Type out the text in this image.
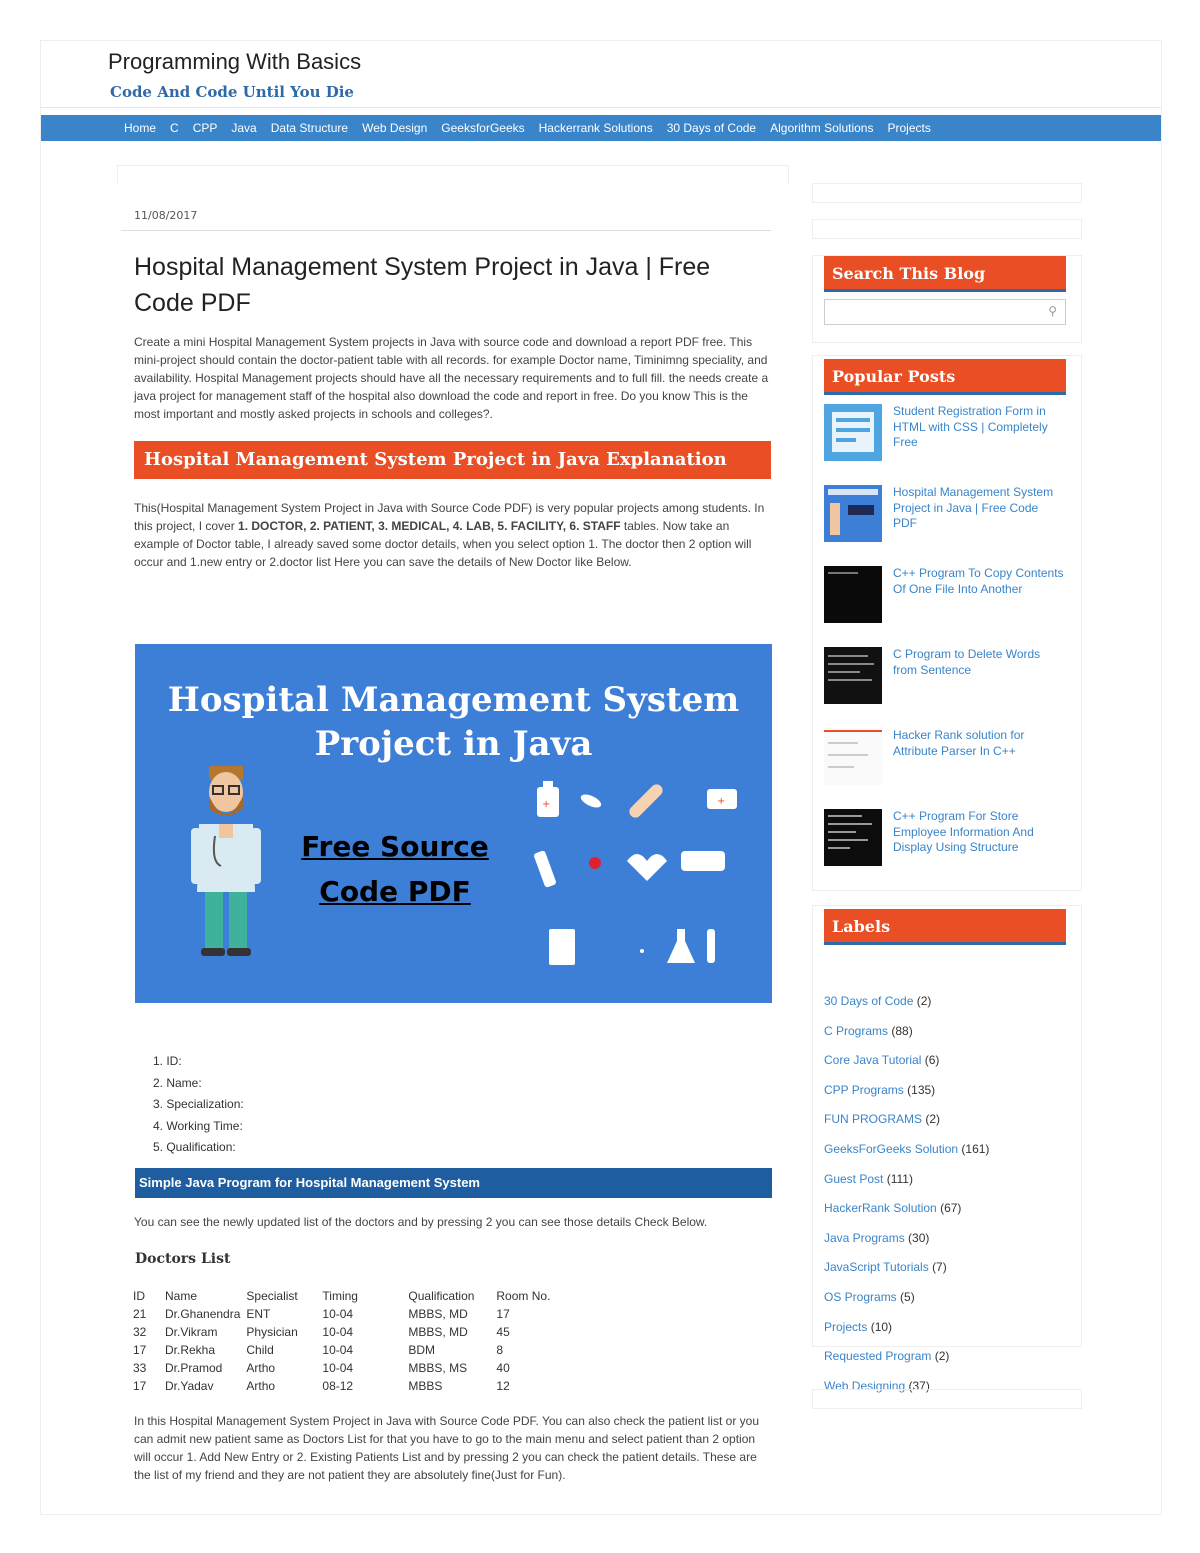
Programming With Basics
Code And Code Until You Die
Home C CPP Java Data Structure Web Design GeeksforGeeks Hackerrank Solutions 30 Days of Code Algorithm Solutions Projects
11/08/2017
Hospital Management System Project in Java | Free Code PDF
Create a mini Hospital Management System projects in Java with source code and download a report PDF free. This mini-project should contain the doctor-patient table with all records. for example Doctor name, Timinimng speciality, and availability. Hospital Management projects should have all the necessary requirements and to full fill. the needs create a java project for management staff of the hospital also download the code and report in free. Do you know This is the most important and mostly asked projects in schools and colleges?.
Hospital Management System Project in Java Explanation
This(Hospital Management System Project in Java with Source Code PDF) is very popular projects among students. In this project, I cover 1. DOCTOR, 2. PATIENT, 3. MEDICAL, 4. LAB, 5. FACILITY, 6. STAFF tables. Now take an example of Doctor table, I already saved some doctor details, when you select option 1. The doctor then 2 option will occur and 1.new entry or 2.doctor list Here you can save the details of New Doctor like Below.
Hospital Management System
Project in Java
Free Source
Code PDF
+	+
1. ID:
2. Name:
3. Specialization:
4. Working Time:
5. Qualification:
Simple Java Program for Hospital Management System
You can see the newly updated list of the doctors and by pressing 2 you can see those details Check Below.
Doctors List
ID	Name	Specialist	Timing	Qualification	Room No.
21	Dr.Ghanendra	ENT	10-04	MBBS, MD	17
32	Dr.Vikram	Physician	10-04	MBBS, MD	45
17	Dr.Rekha	Child	10-04	BDM	8
33	Dr.Pramod	Artho	10-04	MBBS, MS	40
17	Dr.Yadav	Artho	08-12	MBBS	12
In this Hospital Management System Project in Java with Source Code PDF. You can also check the patient list or you can admit new patient same as Doctors List for that you have to go to the main menu and select patient than 2 option will occur 1. Add New Entry or 2. Existing Patients List and by pressing 2 you can check the patient details. These are the list of my friend and they are not patient they are absolutely fine(Just for Fun).
Search This Blog
⚲
Popular Posts
Student Registration Form in HTML with CSS | Completely Free
Hospital Management System Project in Java | Free Code PDF
C++ Program To Copy Contents Of One File Into Another
C Program to Delete Words from Sentence
Hacker Rank solution for Attribute Parser In C++
C++ Program For Store Employee Information And Display Using Structure
Labels
30 Days of Code (2)
C Programs (88)
Core Java Tutorial (6)
CPP Programs (135)
FUN PROGRAMS (2)
GeeksForGeeks Solution (161)
Guest Post (111)
HackerRank Solution (67)
Java Programs (30)
JavaScript Tutorials (7)
OS Programs (5)
Projects (10)
Requested Program (2)
Web Designing (37)
